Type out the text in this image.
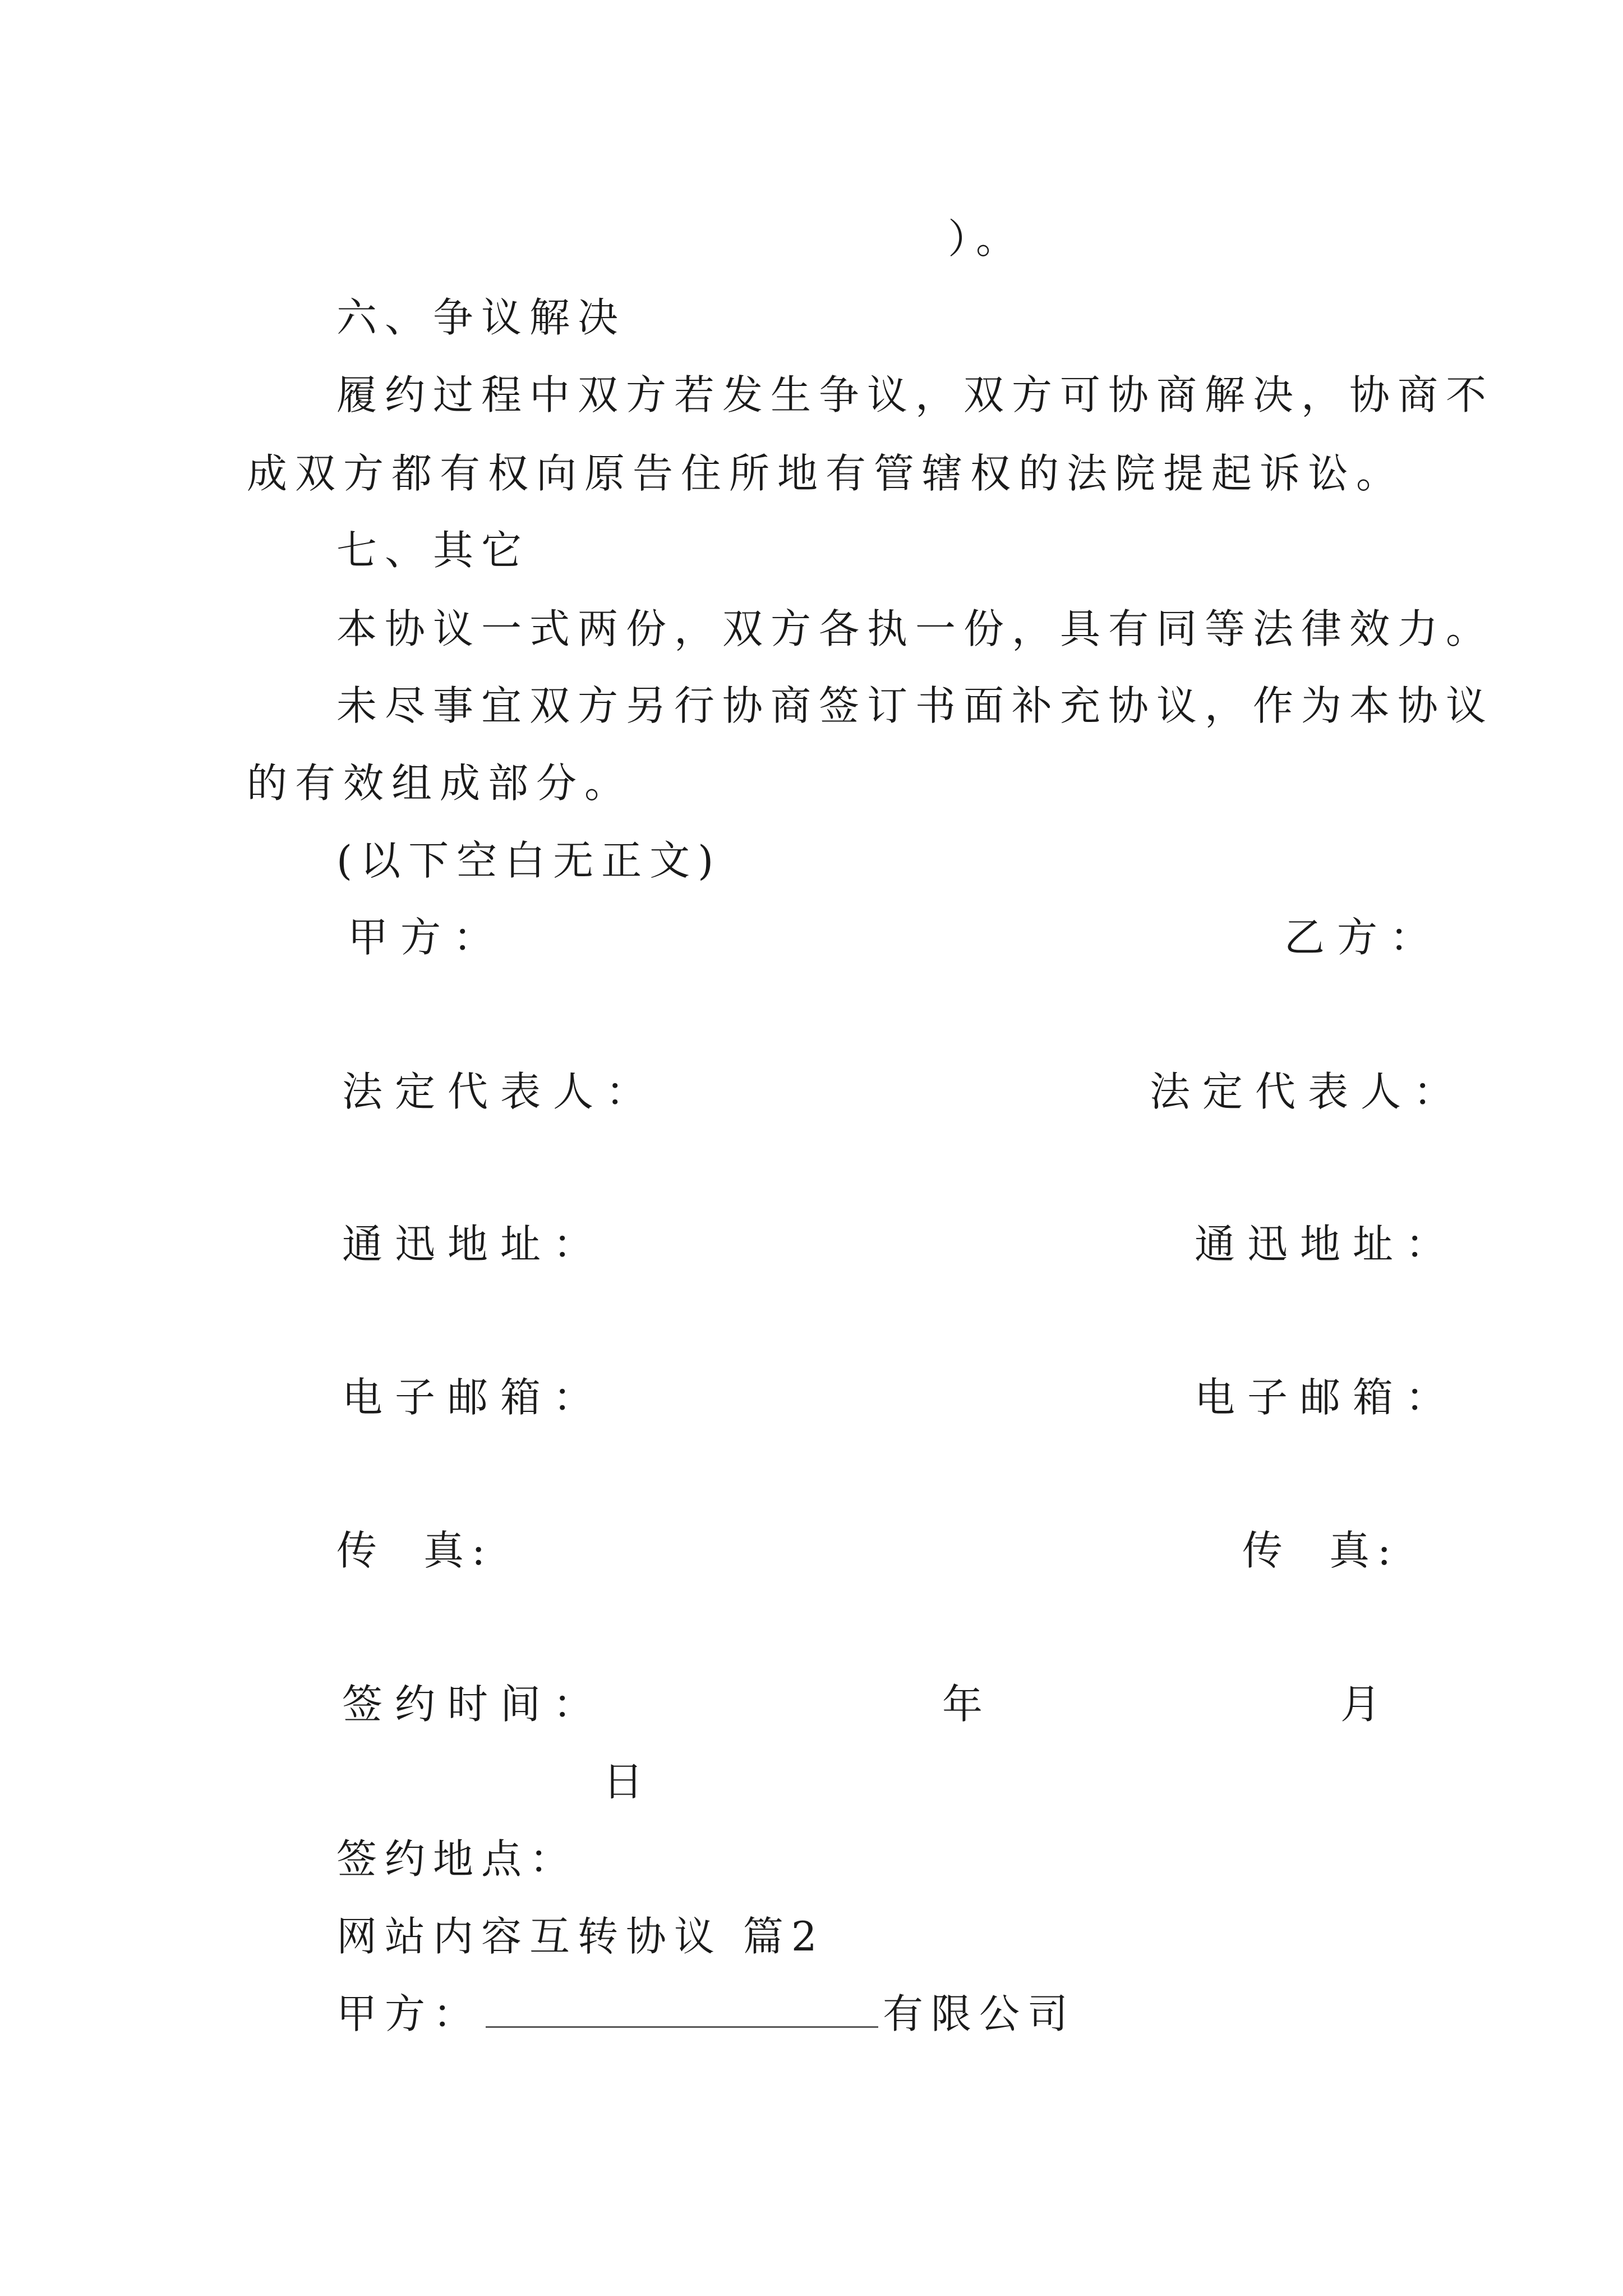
）。
六、争议解决
履约过程中双方若发生争议，双方可协商解决，协商不
成双方都有权向原告住所地有管辖权的法院提起诉讼。
七、其它
本协议一式两份，双方各执一份，具有同等法律效力。
未尽事宜双方另行协商签订书面补充协议，作为本协议
的有效组成部分。
(以下空白无正文)
甲方：	乙方：
法定代表人：	法定代表人：
通迅地址：	通迅地址：
电子邮箱：	电子邮箱：
传 真:	传 真:
签约时间：	年	月
日
签约地点：
网站内容互转协议 篇2
甲方：	有限公司
